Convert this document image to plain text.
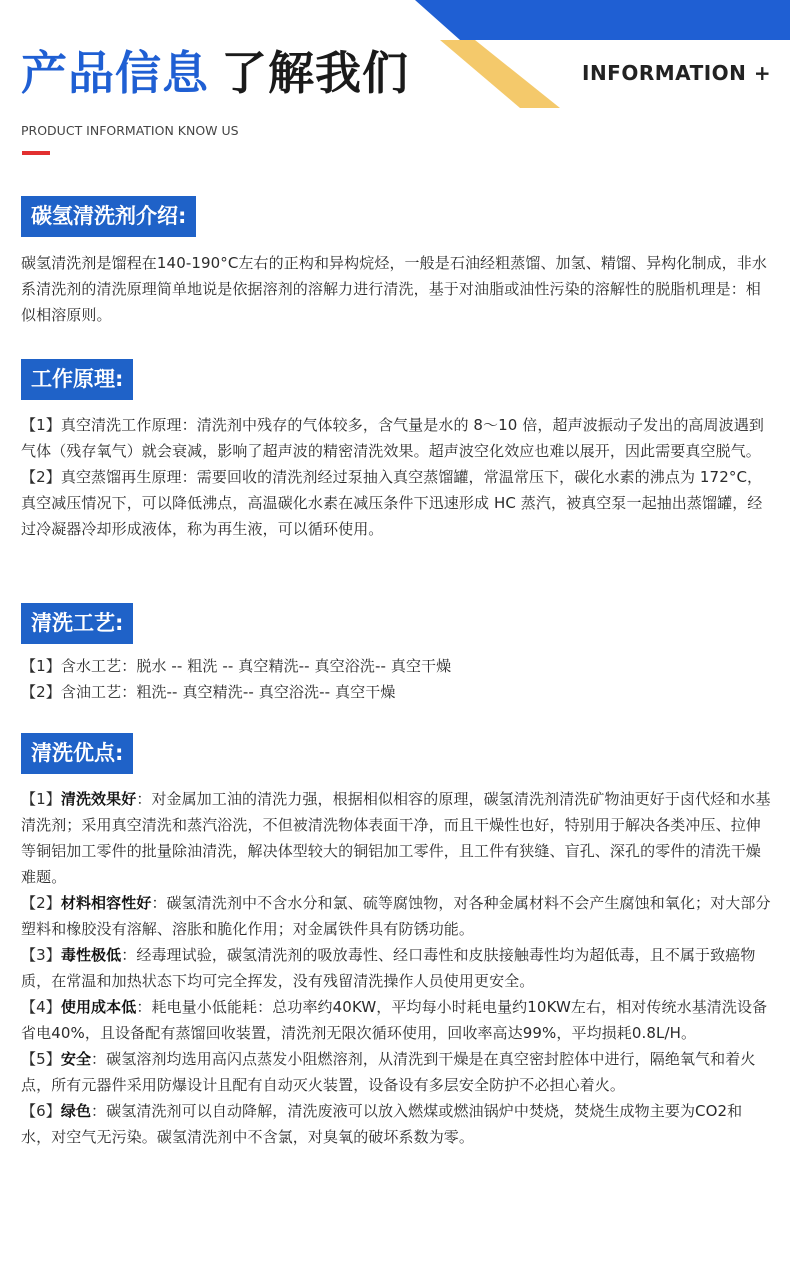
INFORMATION +
产品信息 了解我们
PRODUCT INFORMATION KNOW US
碳氢清洗剂介绍:

碳氢清洗剂是馏程在140-190°C左右的正构和异构烷烃，一般是石油经粗蒸馏、加氢、精馏、异构化制成，非水系清洗剂的清洗原理简单地说是依据溶剂的溶解力进行清洗，基于对油脂或油性污染的溶解性的脱脂机理是：相似相溶原则。

工作原理:

【1】真空清洗工作原理：清洗剂中残存的气体较多，含气量是水的 8～10 倍，超声波振动子发出的高周波遇到气体（残存氧气）就会衰减，影响了超声波的精密清洗效果。超声波空化效应也难以展开，因此需要真空脱气。

【2】真空蒸馏再生原理：需要回收的清洗剂经过泵抽入真空蒸馏罐，常温常压下，碳化水素的沸点为 172°C，真空减压情况下，可以降低沸点，高温碳化水素在减压条件下迅速形成 HC 蒸汽，被真空泵一起抽出蒸馏罐，经过冷凝器冷却形成液体，称为再生液，可以循环使用。

清洗工艺:

【1】含水工艺：脱水 -- 粗洗 -- 真空精洗-- 真空浴洗-- 真空干燥

【2】含油工艺：粗洗-- 真空精洗-- 真空浴洗-- 真空干燥

清洗优点:

【1】清洗效果好：对金属加工油的清洗力强，根据相似相容的原理，碳氢清洗剂清洗矿物油更好于卤代烃和水基清洗剂；采用真空清洗和蒸汽浴洗，不但被清洗物体表面干净，而且干燥性也好，特别用于解决各类冲压、拉伸等铜铝加工零件的批量除油清洗，解决体型较大的铜铝加工零件，且工件有狭缝、盲孔、深孔的零件的清洗干燥难题。

【2】材料相容性好：碳氢清洗剂中不含水分和氯、硫等腐蚀物，对各种金属材料不会产生腐蚀和氧化；对大部分塑料和橡胶没有溶解、溶胀和脆化作用；对金属铁件具有防锈功能。

【3】毒性极低：经毒理试验，碳氢清洗剂的吸放毒性、经口毒性和皮肤接触毒性均为超低毒，且不属于致癌物质，在常温和加热状态下均可完全挥发，没有残留清洗操作人员使用更安全。

【4】使用成本低：耗电量小低能耗：总功率约40KW，平均每小时耗电量约10KW左右，相对传统水基清洗设备省电40%，且设备配有蒸馏回收装置，清洗剂无限次循环使用，回收率高达99%，平均损耗0.8L/H。

【5】安全：碳氢溶剂均选用高闪点蒸发小阻燃溶剂，从清洗到干燥是在真空密封腔体中进行，隔绝氧气和着火点，所有元器件采用防爆设计且配有自动灭火装置，设备设有多层安全防护不必担心着火。

【6】绿色：碳氢清洗剂可以自动降解，清洗废液可以放入燃煤或燃油锅炉中焚烧，焚烧生成物主要为CO2和水，对空气无污染。碳氢清洗剂中不含氯，对臭氧的破坏系数为零。
